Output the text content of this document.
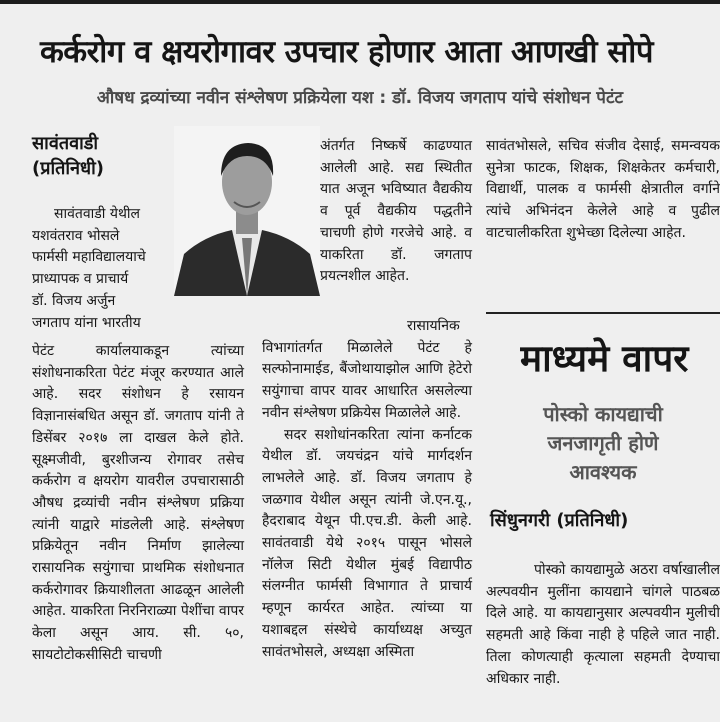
कर्करोग व क्षयरोगावर उपचार होणार आता आणखी सोपे
औषध द्रव्यांच्या नवीन संश्लेषण प्रक्रियेला यश : डॉ. विजय जगताप यांचे संशोधन पेटंट
सावंतवाडी
(प्रतिनिधी)

सावंतवाडी येथील

यशवंतराव भोसले

फार्मसी महाविद्यालयाचे

प्राध्यापक व प्राचार्य

डॉ. विजय अर्जुन

जगताप यांना भारतीय

पेटंट कार्यालयाकडून त्यांच्या संशोधनाकरिता पेटंट मंजूर करण्यात आले आहे. सदर संशोधन हे रसायन विज्ञानासंबधित असून डॉ. जगताप यांनी ते डिसेंबर २०१७ ला दाखल केले होते. सूक्ष्मजीवी, बुरशीजन्य रोगावर तसेच कर्करोग व क्षयरोग यावरील उपचारासाठी औषध द्रव्यांची नवीन संश्लेषण प्रक्रिया त्यांनी याद्वारे मांडलेली आहे. संश्लेषण प्रक्रियेतून नवीन निर्माण झालेल्या रासायनिक सयुंगाचा प्राथमिक संशोधनात कर्करोगावर क्रियाशीलता आढळून आलेली आहेत. याकरिता निरनिराळ्या पेशींचा वापर केला असून आय. सी. ५०, सायटोटोकसीसिटी चाचणी

अंतर्गत निष्कर्षे काढण्यात आलेली आहे. सद्य स्थितीत यात अजून भविष्यात वैद्यकीय व पूर्व वैद्यकीय पद्धतीने चाचणी होणे गरजेचे आहे. व याकरिता डॉ. जगताप प्रयत्नशील आहेत.

रासायनिक विभागांतर्गत मिळालेले पेटंट हे सल्फोनामाईड, बैंजोथायाझोल आणि हेटेरो सयुंगाचा वापर यावर आधारित असलेल्या नवीन संश्लेषण प्रक्रियेस मिळालेले आहे.

सदर सशोधांनकरिता त्यांना कर्नाटक येथील डॉ. जयचंद्रन यांचे मार्गदर्शन लाभलेले आहे. डॉ. विजय जगताप हे जळगाव येथील असून त्यांनी जे.एन.यू., हैदराबाद येथून पी.एच.डी. केली आहे. सावंतवाडी येथे २०१५ पासून भोसले नॉलेज सिटी येथील मुंबई विद्यापीठ संलग्नीत फार्मसी विभागात ते प्राचार्य म्हणून कार्यरत आहेत. त्यांच्या या यशाबद्दल संस्थेचे कार्याध्यक्ष अच्युत सावंतभोसले, अध्यक्षा अस्मिता

सावंतभोसले, सचिव संजीव देसाई, समन्वयक सुनेत्रा फाटक, शिक्षक, शिक्षकेतर कर्मचारी, विद्यार्थी, पालक व फार्मसी क्षेत्रातील वर्गाने त्यांचे अभिनंदन केलेले आहे व पुढील वाटचालीकरिता शुभेच्छा दिलेल्या आहेत.

माध्यमे वापर
पोस्को कायद्याची
जनजागृती होणे
आवश्यक
सिंधुनगरी (प्रतिनिधी)

पोस्को कायद्यामुळे अठरा वर्षाखालील अल्पवयीन मुलींना कायद्याने चांगले पाठबळ दिले आहे. या कायद्यानुसार अल्पवयीन मुलीची सहमती आहे किंवा नाही हे पहिले जात नाही. तिला कोणत्याही कृत्याला सहमती देण्याचा अधिकार नाही.
